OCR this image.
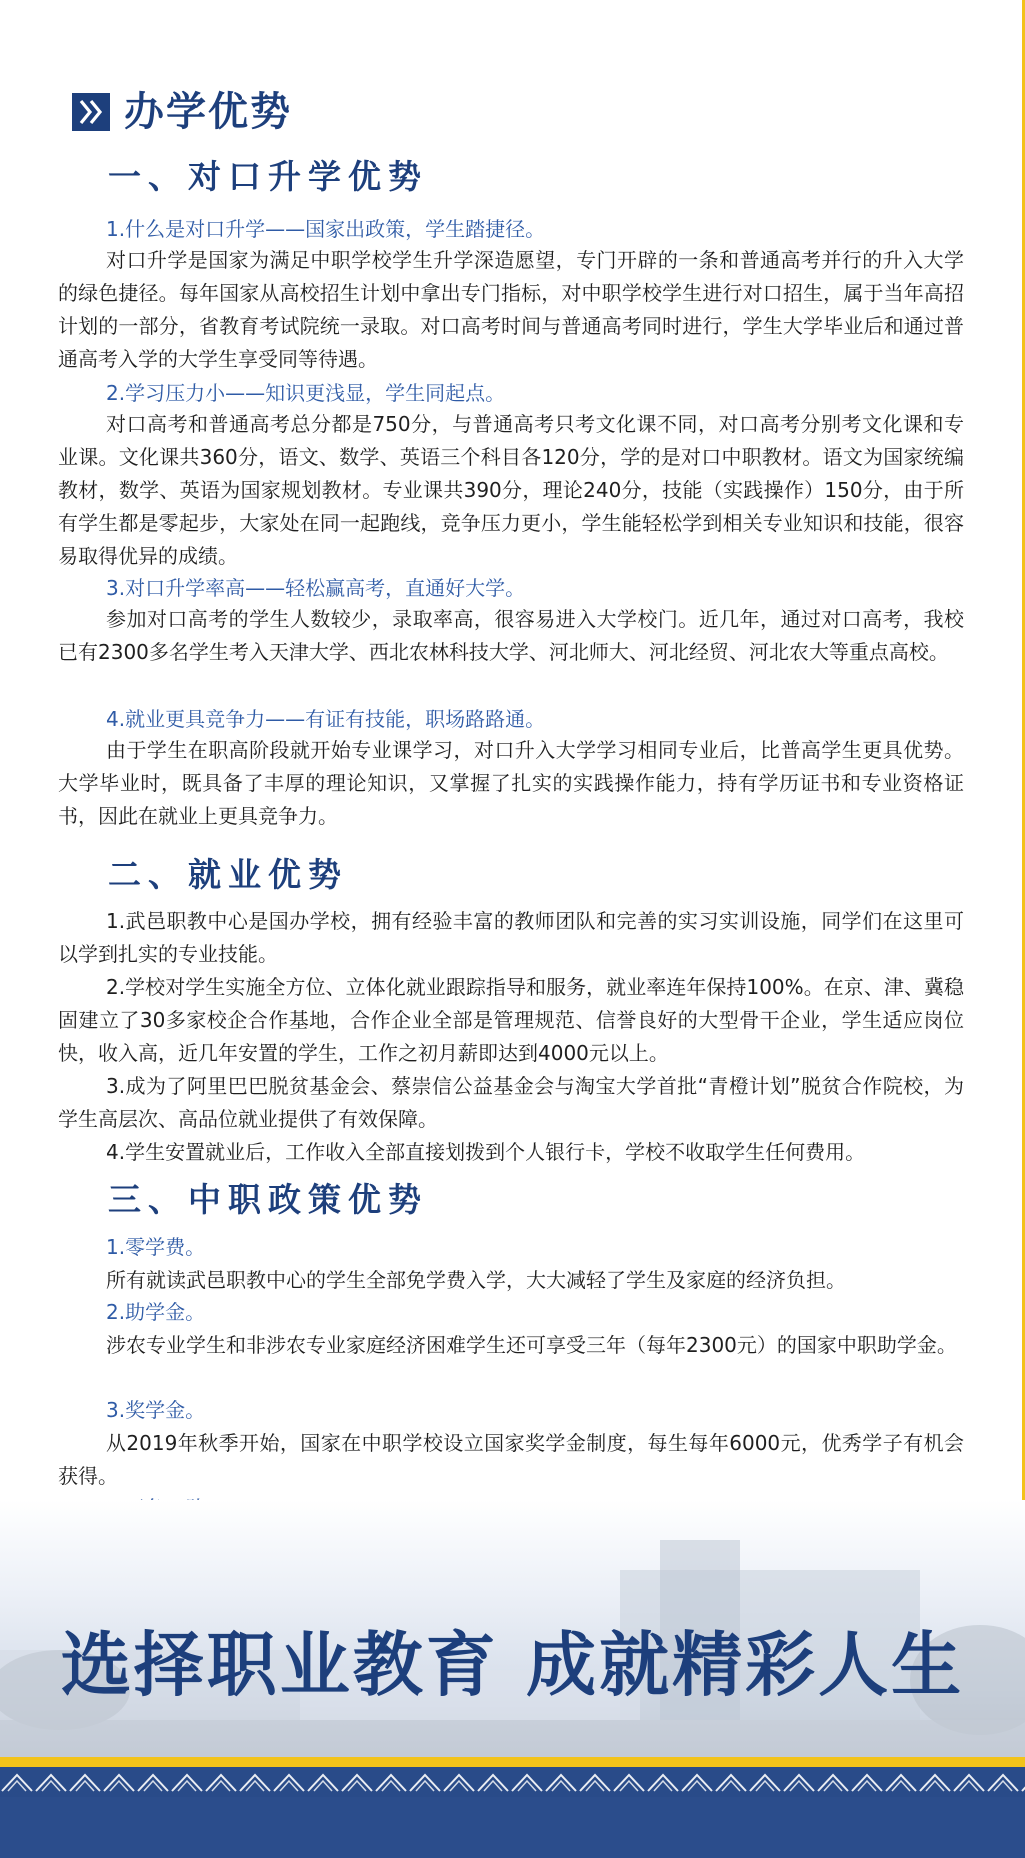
办学优势
一、对口升学优势
1.什么是对口升学——国家出政策，学生踏捷径。
对口升学是国家为满足中职学校学生升学深造愿望，专门开辟的一条和普通高考并行的升入大学的绿色捷径。每年国家从高校招生计划中拿出专门指标，对中职学校学生进行对口招生，属于当年高招计划的一部分，省教育考试院统一录取。对口高考时间与普通高考同时进行，学生大学毕业后和通过普通高考入学的大学生享受同等待遇。
2.学习压力小——知识更浅显，学生同起点。
对口高考和普通高考总分都是750分，与普通高考只考文化课不同，对口高考分别考文化课和专业课。文化课共360分，语文、数学、英语三个科目各120分，学的是对口中职教材。语文为国家统编教材，数学、英语为国家规划教材。专业课共390分，理论240分，技能（实践操作）150分，由于所有学生都是零起步，大家处在同一起跑线，竞争压力更小，学生能轻松学到相关专业知识和技能，很容易取得优异的成绩。
3.对口升学率高——轻松赢高考，直通好大学。
参加对口高考的学生人数较少，录取率高，很容易进入大学校门。近几年，通过对口高考，我校已有2300多名学生考入天津大学、西北农林科技大学、河北师大、河北经贸、河北农大等重点高校。
4.就业更具竞争力——有证有技能，职场路路通。
由于学生在职高阶段就开始专业课学习，对口升入大学学习相同专业后，比普高学生更具优势。大学毕业时，既具备了丰厚的理论知识，又掌握了扎实的实践操作能力，持有学历证书和专业资格证书，因此在就业上更具竞争力。
二、就业优势
1.武邑职教中心是国办学校，拥有经验丰富的教师团队和完善的实习实训设施，同学们在这里可以学到扎实的专业技能。
2.学校对学生实施全方位、立体化就业跟踪指导和服务，就业率连年保持100%。在京、津、冀稳固建立了30多家校企合作基地，合作企业全部是管理规范、信誉良好的大型骨干企业，学生适应岗位快，收入高，近几年安置的学生，工作之初月薪即达到4000元以上。
3.成为了阿里巴巴脱贫基金会、蔡崇信公益基金会与淘宝大学首批“青橙计划”脱贫合作院校，为学生高层次、高品位就业提供了有效保障。
4.学生安置就业后，工作收入全部直接划拨到个人银行卡，学校不收取学生任何费用。
三、中职政策优势
1.零学费。
所有就读武邑职教中心的学生全部免学费入学，大大减轻了学生及家庭的经济负担。
2.助学金。
涉农专业学生和非涉农专业家庭经济困难学生还可享受三年（每年2300元）的国家中职助学金。
3.奖学金。
从2019年秋季开始，国家在中职学校设立国家奖学金制度，每生每年6000元，优秀学子有机会获得。
选择职业教育 成就精彩人生
